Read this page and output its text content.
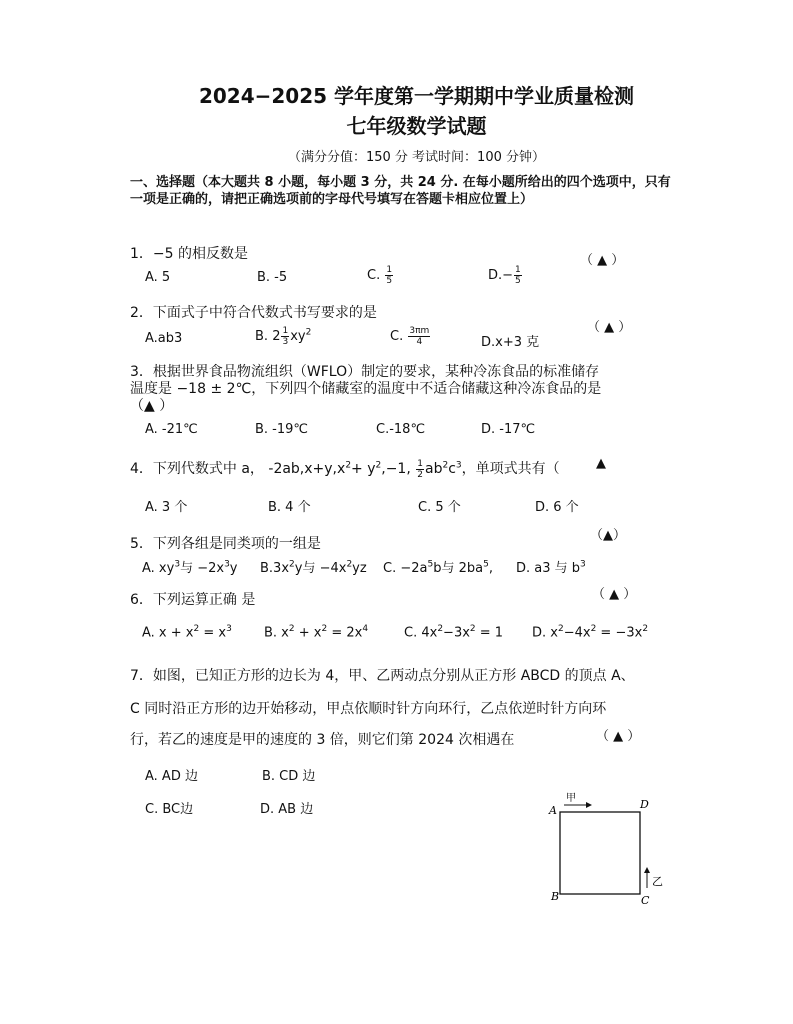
2024−2025 学年度第一学期期中学业质量检测
七年级数学试题
（满分分值：150 分 考试时间：100 分钟）
一、选择题（本大题共 8 小题，每小题 3 分，共 24 分. 在每小题所给出的四个选项中，只有一项是正确的，请把正确选项前的字母代号填写在答题卡相应位置上）
1．−5 的相反数是	（ ▲ ）
A. 5	B. -5	C. $\frac{1}{5}$	$D.- \frac{1}{5}$
2．下面式子中符合代数式书写要求的是
（ ▲ ）
A.ab3	B. $2 \frac{1}{3} xy^2$	C. $\frac{3\pi m}{4}$	D.x+3 克
3．根据世界食品物流组织（WFLO）制定的要求，某种冷冻食品的标准储存
温度是 −18 ± 2℃，下列四个储藏室的温度中不适合储藏这种冷冻食品的是
（▲ ）
A. -21℃	B. -19℃	C.-18℃	D. -17℃
4．下列代数式中 a， $-2ab,x+y,x^2+ y^2,-1$, $\frac{1}{2} ab^2c^3$，单项式共有（	▲
A. 3 个	B. 4 个	C. 5 个	D. 6 个
5．下列各组是同类项的一组是
（▲）
A. $xy^3$与 $-2x^3y$ $B.3x^2y$与 $-4x^2yz$ C. $-2a^5b$与 $2ba^5$, D. a3 与 $b^3$
6．下列运算正确 是	（ ▲ ）
A. $x + x^2 = x^3$ B. $x^2 + x^2 = 2x^4$	C. $4x^2-3x^2 = 1$ D. $x^2-4x^2 = -3x^2$
7．如图，已知正方形的边长为 4，甲、乙两动点分别从正方形 ABCD 的顶点 A、
C 同时沿正方形的边开始移动，甲点依顺时针方向环行，乙点依逆时针方向环
行，若乙的速度是甲的速度的 3 倍，则它们第 2024 次相遇在	（ ▲ ）
A. AD 边	B. CD 边
C. BC边	D. AB 边	A	D
B	C
甲
乙
